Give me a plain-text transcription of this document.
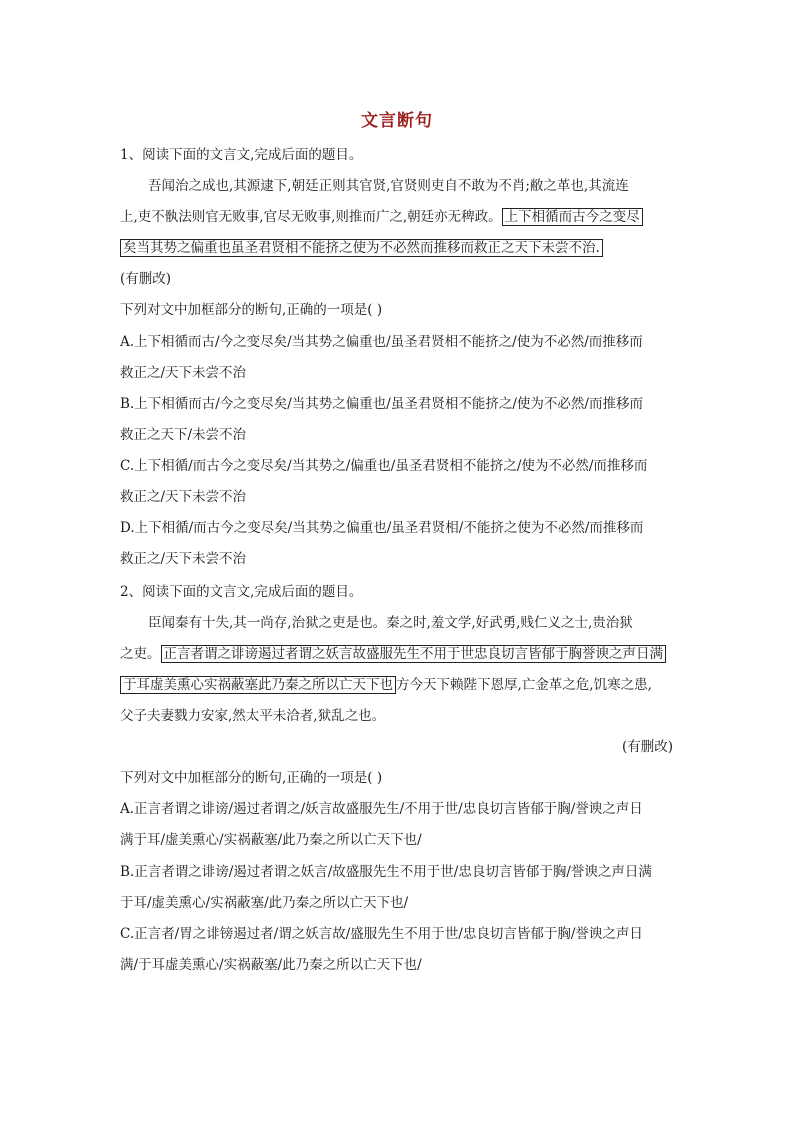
文言断句
1、阅读下面的文言文,完成后面的题目。
吾闻治之成也,其源逮下,朝廷正则其官贤,官贤则吏自不敢为不肖;敝之革也,其流连
上,吏不骫法则官无败事,官尽无败事,则推而广之,朝廷亦无稗政。 上下相循而古今之变尽
矣当其势之偏重也虽圣君贤相不能挤之使为不必然而推移而救正之天下未尝不治.
(有删改)
下列对文中加框部分的断句,正确的一项是( )
A.上下相循而古/今之变尽矣/当其势之偏重也/虽圣君贤相不能挤之/使为不必然/而推移而
救正之/天下未尝不治
B.上下相循而古/今之变尽矣/当其势之偏重也/虽圣君贤相不能挤之/使为不必然/而推移而
救正之天下/未尝不治
C.上下相循/而古今之变尽矣/当其势之/偏重也/虽圣君贤相不能挤之/使为不必然/而推移而
救正之/天下未尝不治
D.上下相循/而古今之变尽矣/当其势之偏重也/虽圣君贤相/不能挤之使为不必然/而推移而
救正之/天下未尝不治
2、阅读下面的文言文,完成后面的题目。
臣闻秦有十失,其一尚存,治狱之吏是也。秦之时,羞文学,好武勇,贱仁义之士,贵治狱
之吏。 正言者谓之诽谤遏过者谓之妖言故盛服先生不用于世忠良切言皆郁于胸誉谀之声日满
于耳虚美熏心实祸蔽塞此乃秦之所以亡天下也 方今天下赖陛下恩厚,亡金革之危,饥寒之患,
父子夫妻戮力安家,然太平未洽者,狱乱之也。
(有删改)
下列对文中加框部分的断句,正确的一项是( )
A.正言者谓之诽谤/遏过者谓之/妖言故盛服先生/不用于世/忠良切言皆郁于胸/誉谀之声日
满于耳/虚美熏心/实祸蔽塞/此乃秦之所以亡天下也/
B.正言者谓之诽谤/遏过者谓之妖言/故盛服先生不用于世/忠良切言皆郁于胸/誉谀之声日满
于耳/虚美熏心/实祸蔽塞/此乃秦之所以亡天下也/
C.正言者/胃之诽镑遏过者/谓之妖言故/盛服先生不用于世/忠良切言皆郁于胸/誉谀之声日
满/于耳虚美熏心/实祸蔽塞/此乃秦之所以亡天下也/
